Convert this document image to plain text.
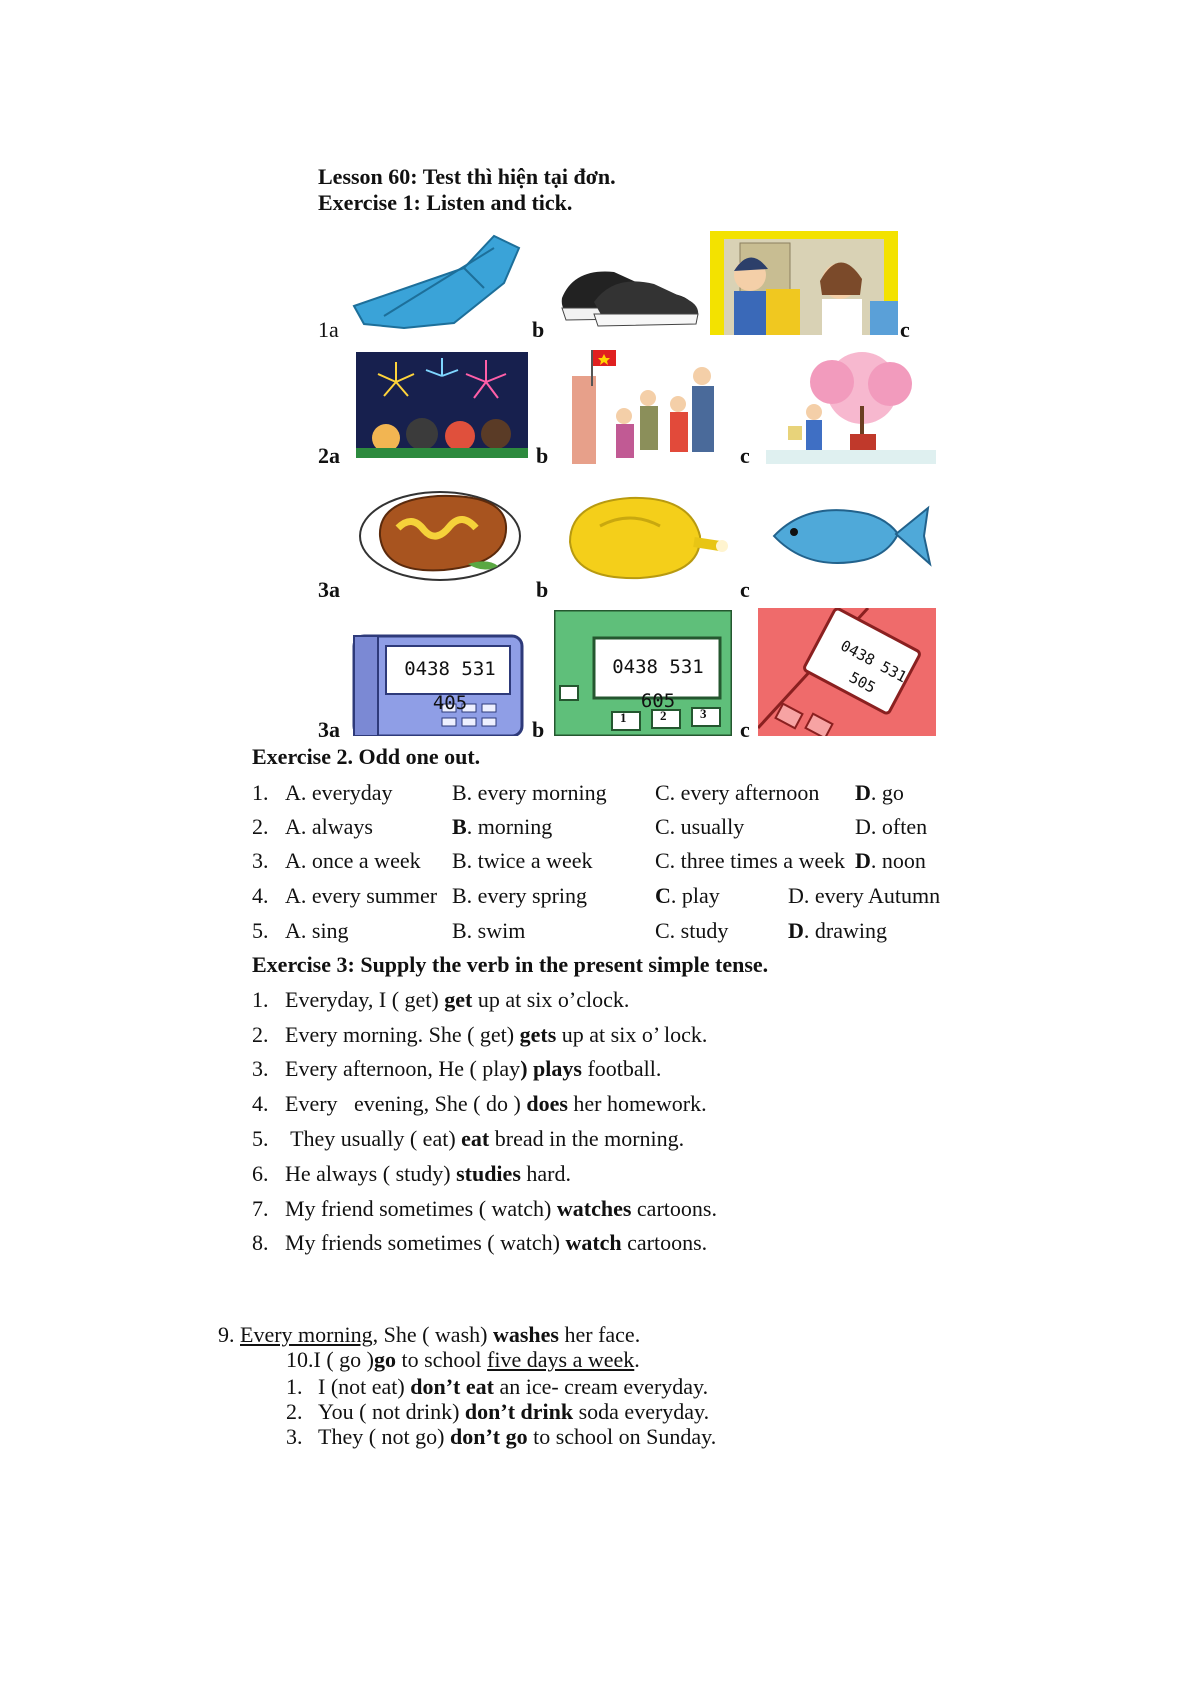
Lesson 60: Test thì hiện tại đơn.
Exercise 1: Listen and tick.
1a	b	c
2a	b	c
3a	b	c
0438 531 405
3a
0438 531 605
1	2	3
b
0438 531 505
c
Exercise 2. Odd one out.
1. A. everyday	B. every morning C. every afternoon D. go
2. A. always	B. morning	C. usually	D. often
3. A. once a week B. twice a week	C. three times a week D. noon
4. A. every summer B. every spring	C. play	D. every Autumn
5. A. sing	B. swim	C. study	D. drawing
Exercise 3: Supply the verb in the present simple tense.
1. Everyday, I ( get) get up at six o’clock.
2. Every morning. She ( get) gets up at six o’ lock.
3. Every afternoon, He ( play) plays football.
4. Every   evening, She ( do ) does her homework.
5. They usually ( eat) eat bread in the morning.
6. He always ( study) studies hard.
7. My friend sometimes ( watch) watches cartoons.
8. My friends sometimes ( watch) watch cartoons.
9. Every morning, She ( wash) washes her face.
10.I ( go )go to school five days a week.
1. I (not eat) don’t eat an ice- cream everyday.
2. You ( not drink) don’t drink soda everyday.
3. They ( not go) don’t go to school on Sunday.
